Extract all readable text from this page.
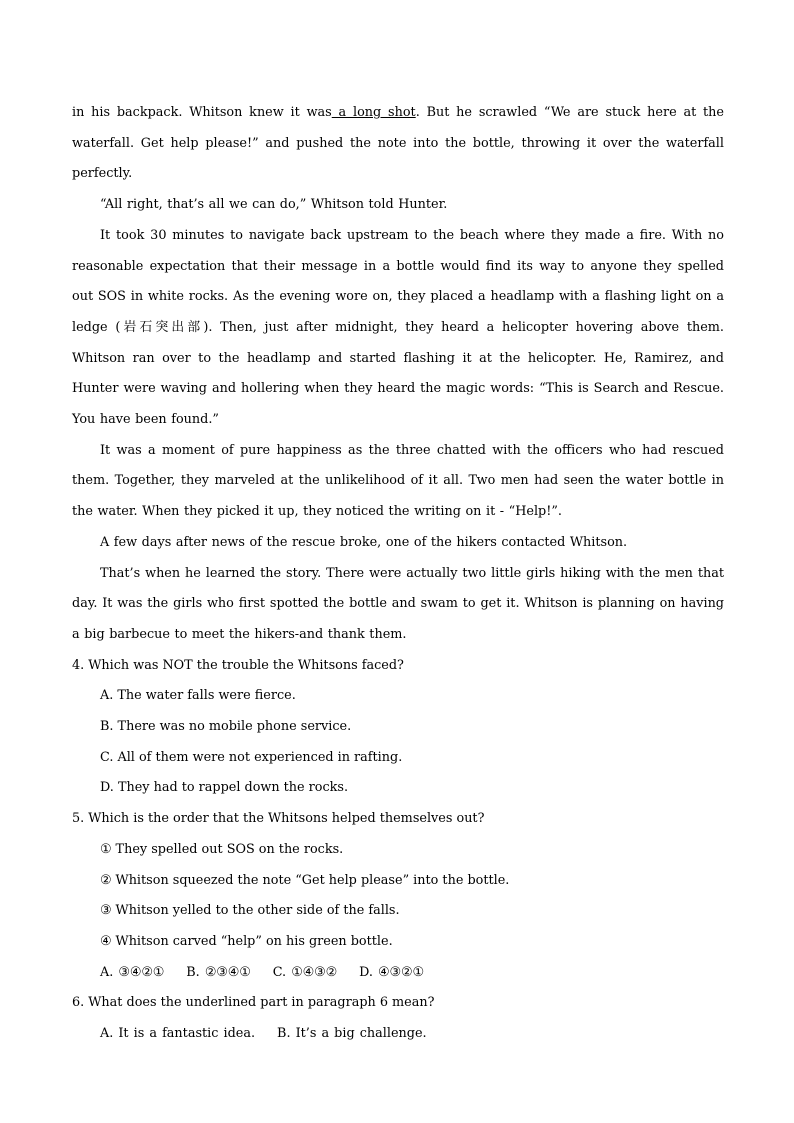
in his backpack. Whitson knew it was a long shot. But he scrawled “We are stuck here at the waterfall. Get help please!” and pushed the note into the bottle, throwing it over the waterfall perfectly.

“All right, that’s all we can do,” Whitson told Hunter.

It took 30 minutes to navigate back upstream to the beach where they made a fire. With no reasonable expectation that their message in a bottle would find its way to anyone they spelled out SOS in white rocks. As the evening wore on, they placed a headlamp with a flashing light on a ledge (岩石突出部). Then, just after midnight, they heard a helicopter hovering above them. Whitson ran over to the headlamp and started flashing it at the helicopter. He, Ramirez, and Hunter were waving and hollering when they heard the magic words: “This is Search and Rescue. You have been found.”

It was a moment of pure happiness as the three chatted with the officers who had rescued them. Together, they marveled at the unlikelihood of it all. Two men had seen the water bottle in the water. When they picked it up, they noticed the writing on it - “Help!”.

A few days after news of the rescue broke, one of the hikers contacted Whitson.

That’s when he learned the story. There were actually two little girls hiking with the men that day. It was the girls who first spotted the bottle and swam to get it. Whitson is planning on having a big barbecue to meet the hikers-and thank them.

4. Which was NOT the trouble the Whitsons faced?

A. The water falls were fierce.

B. There was no mobile phone service.

C. All of them were not experienced in rafting.

D. They had to rappel down the rocks.

5. Which is the order that the Whitsons helped themselves out?

① They spelled out SOS on the rocks.

② Whitson squeezed the note “Get help please” into the bottle.

③ Whitson yelled to the other side of the falls.

④ Whitson carved “help” on his green bottle.

A. ③④②① B. ②③④① C. ①④③② D. ④③②①

6. What does the underlined part in paragraph 6 mean?

A. It is a fantastic idea. B. It’s a big challenge.
